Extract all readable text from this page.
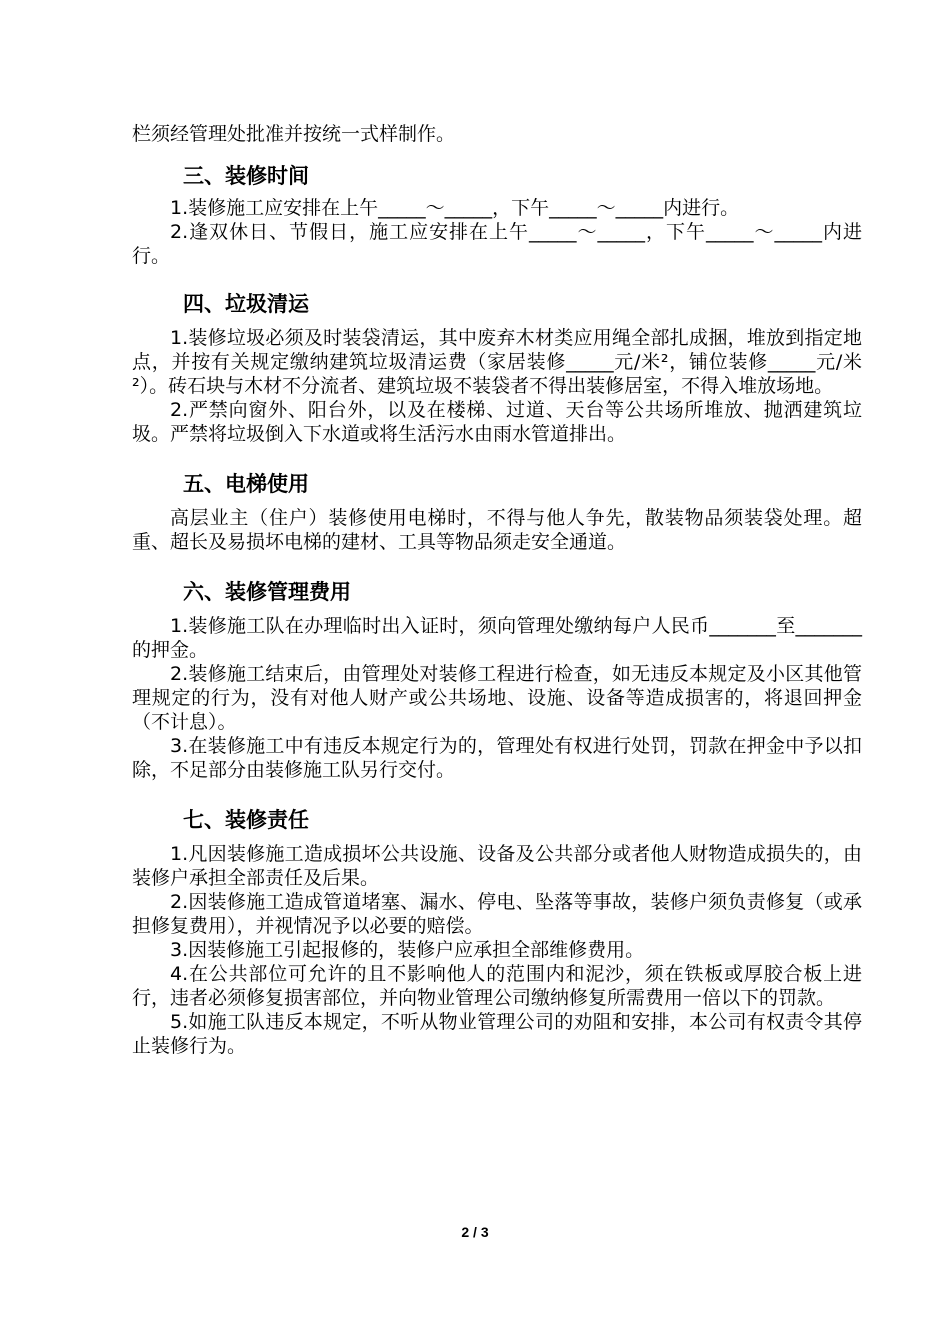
栏须经管理处批准并按统一式样制作。

三、装修时间

1.装修施工应安排在上午_____～_____，下午_____～_____内进行。

2.逢双休日、节假日，施工应安排在上午_____～_____，下午_____～_____内进行。

四、垃圾清运

1.装修垃圾必须及时装袋清运，其中废弃木材类应用绳全部扎成捆，堆放到指定地点，并按有关规定缴纳建筑垃圾清运费（家居装修_____元/米²，铺位装修_____元/米²）。砖石块与木材不分流者、建筑垃圾不装袋者不得出装修居室，不得入堆放场地。

2.严禁向窗外、阳台外，以及在楼梯、过道、天台等公共场所堆放、抛洒建筑垃圾。严禁将垃圾倒入下水道或将生活污水由雨水管道排出。

五、电梯使用

高层业主（住户）装修使用电梯时，不得与他人争先，散装物品须装袋处理。超重、超长及易损坏电梯的建材、工具等物品须走安全通道。

六、装修管理费用

1.装修施工队在办理临时出入证时，须向管理处缴纳每户人民币_______至_______的押金。

2.装修施工结束后，由管理处对装修工程进行检查，如无违反本规定及小区其他管理规定的行为，没有对他人财产或公共场地、设施、设备等造成损害的，将退回押金（不计息）。

3.在装修施工中有违反本规定行为的，管理处有权进行处罚，罚款在押金中予以扣除，不足部分由装修施工队另行交付。

七、装修责任

1.凡因装修施工造成损坏公共设施、设备及公共部分或者他人财物造成损失的，由装修户承担全部责任及后果。

2.因装修施工造成管道堵塞、漏水、停电、坠落等事故，装修户须负责修复（或承担修复费用），并视情况予以必要的赔偿。

3.因装修施工引起报修的，装修户应承担全部维修费用。

4.在公共部位可允许的且不影响他人的范围内和泥沙，须在铁板或厚胶合板上进行，违者必须修复损害部位，并向物业管理公司缴纳修复所需费用一倍以下的罚款。

5.如施工队违反本规定，不听从物业管理公司的劝阻和安排，本公司有权责令其停止装修行为。

2 / 3
